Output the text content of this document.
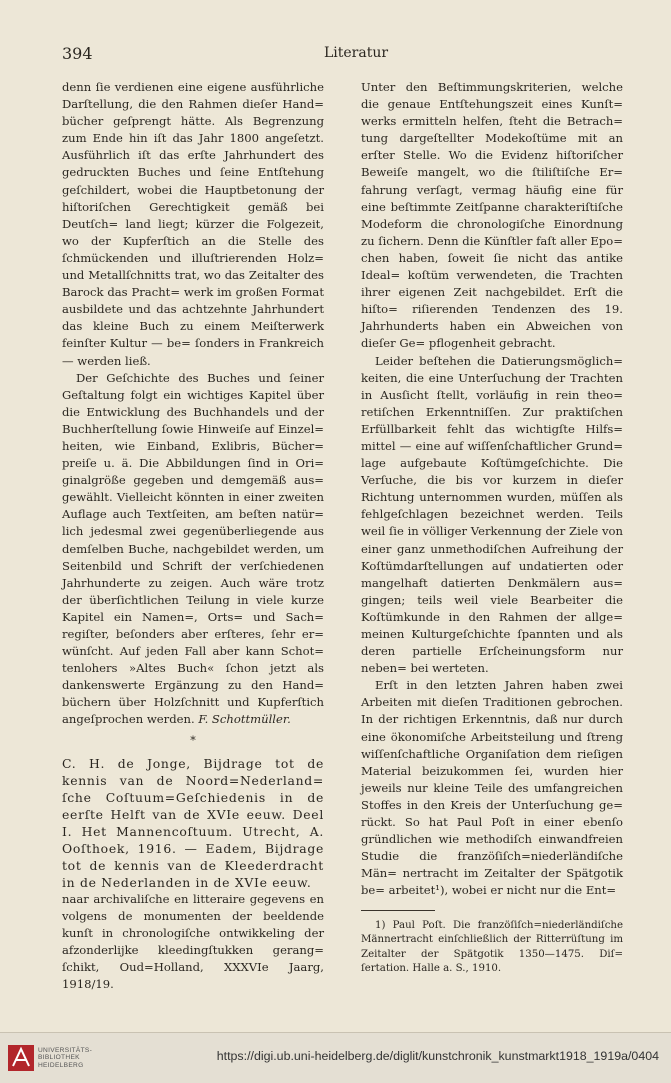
394	Literatur

denn ſie verdienen eine eigene ausführliche Darſtellung, die den Rahmen dieſer Hand= bücher geſprengt hätte. Als Begrenzung zum Ende hin iſt das Jahr 1800 angeſetzt. Ausführlich iſt das erſte Jahrhundert des gedruckten Buches und ſeine Entſtehung geſchildert, wobei die Hauptbetonung der hiſtoriſchen Gerechtigkeit gemäß bei Deutſch= land liegt; kürzer die Folgezeit, wo der Kupferſtich an die Stelle des ſchmückenden und illuſtrierenden Holz= und Metallſchnitts trat, wo das Zeitalter des Barock das Pracht= werk im großen Format ausbildete und das achtzehnte Jahrhundert das kleine Buch zu einem Meiſterwerk feinſter Kultur — be= ſonders in Frankreich — werden ließ.

Der Geſchichte des Buches und ſeiner Geſtaltung folgt ein wichtiges Kapitel über die Entwicklung des Buchhandels und der Buchherſtellung ſowie Hinweiſe auf Einzel= heiten, wie Einband, Exlibris, Bücher= preiſe u. ä. Die Abbildungen ſind in Ori= ginalgröße gegeben und demgemäß aus= gewählt. Vielleicht könnten in einer zweiten Auflage auch Textſeiten, am beſten natür= lich jedesmal zwei gegenüberliegende aus demſelben Buche, nachgebildet werden, um Seitenbild und Schrift der verſchiedenen Jahrhunderte zu zeigen. Auch wäre trotz der überſichtlichen Teilung in viele kurze Kapitel ein Namen=, Orts= und Sach= regiſter, beſonders aber erſteres, ſehr er= wünſcht. Auf jeden Fall aber kann Schot= tenlohers »Altes Buch« ſchon jetzt als dankenswerte Ergänzung zu den Hand= büchern über Holzſchnitt und Kupferſtich angeſprochen werden. F. Schottmüller.

*

C. H. de Jonge, Bijdrage tot de kennis van de Noord=Nederland= ſche Coſtuum=Geſchiedenis in de eerſte Helft van de XVIe eeuw. Deel I. Het Mannencoſtuum. Utrecht, A. Ooſthoek, 1916. — Eadem, Bijdrage tot de kennis van de Kleederdracht in de Nederlanden in de XVIe eeuw.

naar archivaliſche en litteraire gegevens en volgens de monumenten der beeldende kunſt in chronologiſche ontwikkeling der afzonderlijke kleedingſtukken gerang= ſchikt, Oud=Holland, XXXVIe Jaarg, 1918/19.

Unter den Beſtimmungskriterien, welche die genaue Entſtehungszeit eines Kunſt= werks ermitteln helfen, ſteht die Betrach= tung dargeſtellter Modekoſtüme mit an erſter Stelle. Wo die Evidenz hiſtoriſcher Beweiſe mangelt, wo die ſtiliſtiſche Er= fahrung verſagt, vermag häufig eine für eine beſtimmte Zeitſpanne charakteriſtiſche Modeform die chronologiſche Einordnung zu ſichern. Denn die Künſtler faſt aller Epo= chen haben, ſoweit ſie nicht das antike Ideal= koſtüm verwendeten, die Trachten ihrer eigenen Zeit nachgebildet. Erſt die hiſto= riſierenden Tendenzen des 19. Jahrhunderts haben ein Abweichen von dieſer Ge= pflogenheit gebracht.

Leider beſtehen die Datierungsmöglich= keiten, die eine Unterſuchung der Trachten in Ausſicht ſtellt, vorläufig in rein theo= retiſchen Erkenntniſſen. Zur praktiſchen Erfüllbarkeit fehlt das wichtigſte Hilfs= mittel — eine auf wiſſenſchaftlicher Grund= lage aufgebaute Koſtümgeſchichte. Die Verſuche, die bis vor kurzem in dieſer Richtung unternommen wurden, müſſen als fehlgeſchlagen bezeichnet werden. Teils weil ſie in völliger Verkennung der Ziele von einer ganz unmethodiſchen Aufreihung der Koſtümdarſtellungen auf undatierten oder mangelhaft datierten Denkmälern aus= gingen; teils weil viele Bearbeiter die Koſtümkunde in den Rahmen der allge= meinen Kulturgeſchichte ſpannten und als deren partielle Erſcheinungsform nur neben= bei werteten.

Erſt in den letzten Jahren haben zwei Arbeiten mit dieſen Traditionen gebrochen. In der richtigen Erkenntnis, daß nur durch eine ökonomiſche Arbeitsteilung und ſtreng wiſſenſchaftliche Organiſation dem rieſigen Material beizukommen ſei, wurden hier jeweils nur kleine Teile des umfangreichen Stoffes in den Kreis der Unterſuchung ge= rückt. So hat Paul Poſt in einer ebenſo gründlichen wie methodiſch einwandfreien Studie die franzöſiſch=niederländiſche Män= nertracht im Zeitalter der Spätgotik be= arbeitet¹), wobei er nicht nur die Ent=

1) Paul Poſt. Die franzöſiſch=niederländiſche Männertracht einſchließlich der Ritterrüſtung im Zeitalter der Spätgotik 1350—1475. Diſ= ſertation. Halle a. S., 1910.

UNIVERSITÄTS-
BIBLIOTHEK
HEIDELBERG
https://digi.ub.uni-heidelberg.de/diglit/kunstchronik_kunstmarkt1918_1919a/0404
